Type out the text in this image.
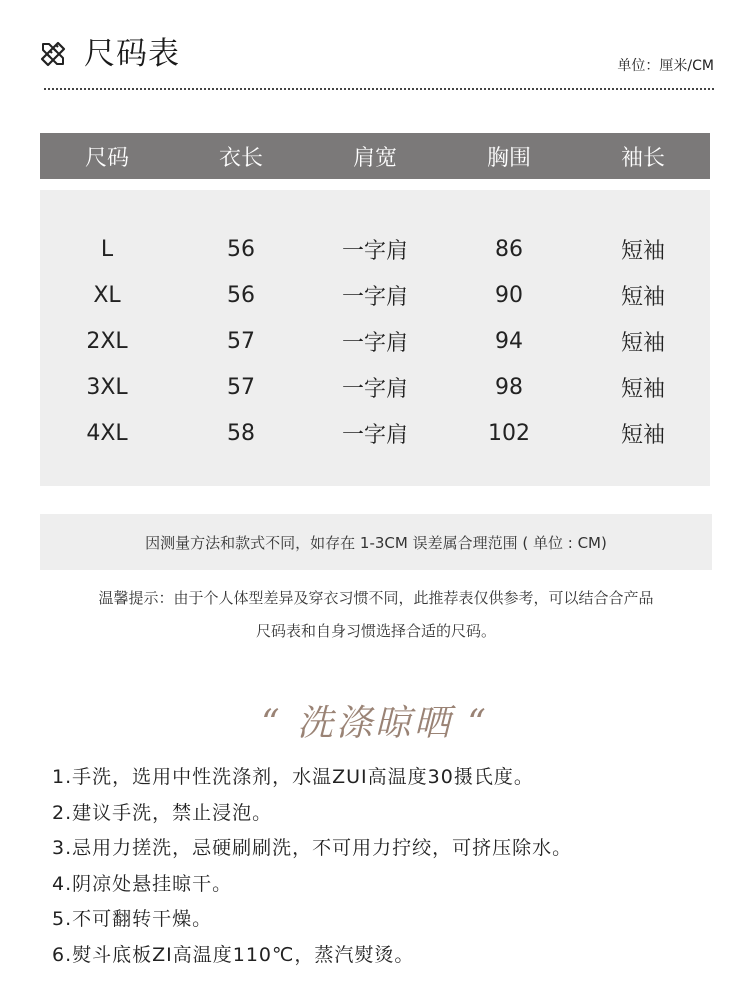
尺码表	单位：厘米/CM
尺码	衣长	肩宽	胸围	袖长
L	56	一字肩	86	短袖
XL	56	一字肩	90	短袖
2XL	57	一字肩	94	短袖
3XL	57	一字肩	98	短袖
4XL	58	一字肩	102	短袖
因测量方法和款式不同，如存在 1-3CM 误差属合理范围 ( 单位 : CM)
温馨提示：由于个人体型差异及穿衣习惯不同，此推荐表仅供参考，可以结合合产品
尺码表和自身习惯选择合适的尺码。
“ 洗涤晾晒 “
1.手洗，选用中性洗涤剂，水温ZUI高温度30摄氏度。
2.建议手洗，禁止浸泡。
3.忌用力搓洗，忌硬刷刷洗，不可用力拧绞，可挤压除水。
4.阴凉处悬挂晾干。
5.不可翻转干燥。
6.熨斗底板ZI高温度110℃，蒸汽熨烫。
